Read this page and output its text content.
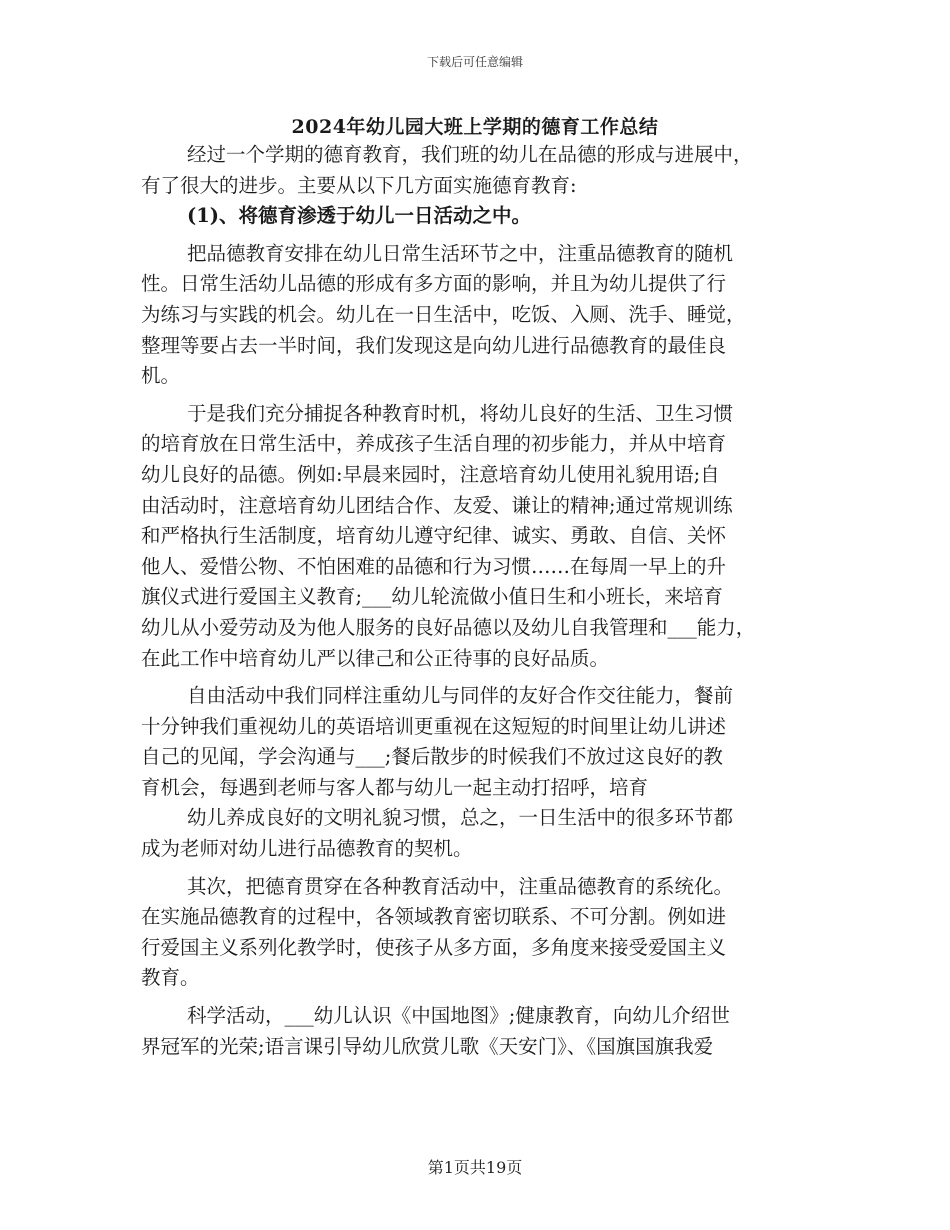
下载后可任意编辑
2024年幼儿园大班上学期的德育工作总结
经过一个学期的德育教育，我们班的幼儿在品德的形成与进展中，
有了很大的进步。主要从以下几方面实施德育教育:
(1)、将德育渗透于幼儿一日活动之中。
把品德教育安排在幼儿日常生活环节之中，注重品德教育的随机
性。日常生活幼儿品德的形成有多方面的影响，并且为幼儿提供了行
为练习与实践的机会。幼儿在一日生活中，吃饭、入厕、洗手、睡觉，
整理等要占去一半时间，我们发现这是向幼儿进行品德教育的最佳良
机。
于是我们充分捕捉各种教育时机，将幼儿良好的生活、卫生习惯
的培育放在日常生活中，养成孩子生活自理的初步能力，并从中培育
幼儿良好的品德。例如:早晨来园时，注意培育幼儿使用礼貌用语;自
由活动时，注意培育幼儿团结合作、友爱、谦让的精神;通过常规训练
和严格执行生活制度，培育幼儿遵守纪律、诚实、勇敢、自信、关怀
他人、爱惜公物、不怕困难的品德和行为习惯……在每周一早上的升
旗仪式进行爱国主义教育;___幼儿轮流做小值日生和小班长，来培育
幼儿从小爱劳动及为他人服务的良好品德以及幼儿自我管理和___能力，
在此工作中培育幼儿严以律己和公正待事的良好品质。
自由活动中我们同样注重幼儿与同伴的友好合作交往能力，餐前
十分钟我们重视幼儿的英语培训更重视在这短短的时间里让幼儿讲述
自己的见闻，学会沟通与___;餐后散步的时候我们不放过这良好的教
育机会，每遇到老师与客人都与幼儿一起主动打招呼，培育
幼儿养成良好的文明礼貌习惯，总之，一日生活中的很多环节都
成为老师对幼儿进行品德教育的契机。
其次，把德育贯穿在各种教育活动中，注重品德教育的系统化。
在实施品德教育的过程中，各领域教育密切联系、不可分割。例如进
行爱国主义系列化教学时，使孩子从多方面，多角度来接受爱国主义
教育。
科学活动，___幼儿认识《中国地图》;健康教育，向幼儿介绍世
界冠军的光荣;语言课引导幼儿欣赏儿歌《天安门》、《国旗国旗我爱
第1页共19页
